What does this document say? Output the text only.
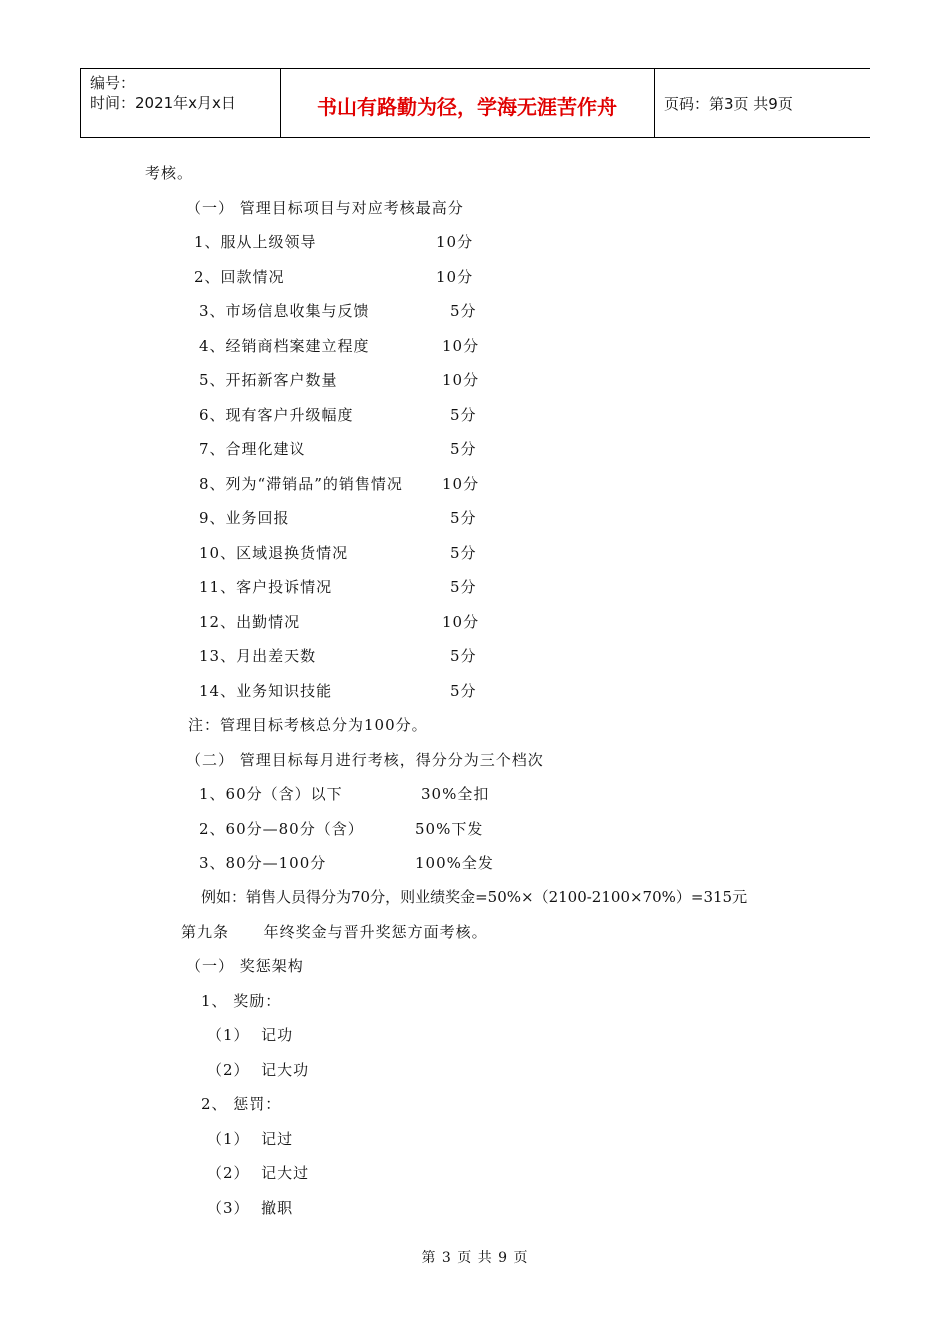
编号：
时间：2021年x月x日	书山有路勤为径，学海无涯苦作舟	页码：第3页 共9页
考核。
（一） 管理目标项目与对应考核最高分
1、服从上级领导	10分
2、回款情况	10分
3、市场信息收集与反馈	5分
4、经销商档案建立程度	10分
5、开拓新客户数量	10分
6、现有客户升级幅度	5分
7、合理化建议	5分
8、列为“滞销品”的销售情况	10分
9、业务回报	5分
10、区域退换货情况	5分
11、客户投诉情况	5分
12、出勤情况	10分
13、月出差天数	5分
14、业务知识技能	5分
注：管理目标考核总分为100分。
（二） 管理目标每月进行考核，得分分为三个档次
1、60分（含）以下	30%全扣
2、60分—80分（含）	50%下发
3、80分—100分	100%全发
例如：销售人员得分为70分，则业绩奖金=50%×（2100-2100×70%）=315元
第九条      年终奖金与晋升奖惩方面考核。
（一） 奖惩架构
1、 奖励：
（1）  记功
（2）  记大功
2、 惩罚：
（1）  记过
（2）  记大过
（3）  撤职
第 3 页 共 9 页
